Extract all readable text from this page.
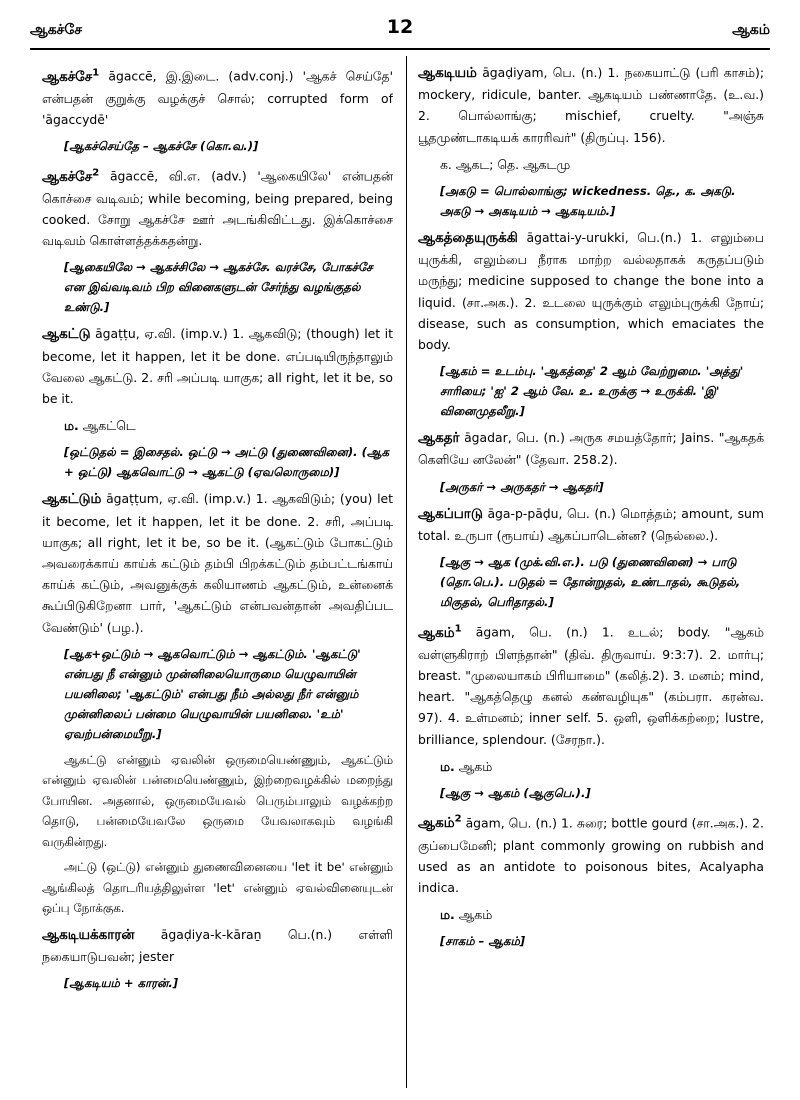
ஆகச்சே	12	ஆகம்

ஆகச்சே$^1$ āgaccē, இ.இடை. (adv.conj.) 'ஆகச் செய்தே' என்பதன் குறுக்கு வழக்குச் சொல்; corrupted form of 'āgaccydē'

[ஆகச்செய்தே – ஆகச்சே (கொ.வ.)]

ஆகச்சே$^2$ āgaccē, வி.எ. (adv.) 'ஆகையிலே' என்பதன் கொச்சை வடிவம்; while becoming, being prepared, being cooked. சோறு ஆகச்சே ஊர் அடங்கிவிட்டது. இக்கொச்சை வடிவம் கொள்ளத்தக்கதன்று.

[ஆகையிலே → ஆகச்சிலே → ஆகச்சே. வரச்சே, போகச்சே என இவ்வடிவம் பிற வினைகளுடன் சேர்ந்து வழங்குதல் உண்டு.]

ஆகட்டு āgaṭṭu, ஏ.வி. (imp.v.) 1. ஆகவிடு; (though) let it become, let it happen, let it be done. எப்படியிருந்தாலும் வேலை ஆகட்டு. 2. சரி அப்படி யாகுக; all right, let it be, so be it.

ம. ஆகட்டெ

[ஒட்டுதல் = இசைதல். ஒட்டு → அட்டு (துணைவினை). (ஆக + ஒட்டு) ஆகவொட்டு → ஆகட்டு (ஏவலொருமை)]

ஆகட்டும் āgaṭṭum, ஏ.வி. (imp.v.) 1. ஆகவிடும்; (you) let it become, let it happen, let it be done. 2. சரி, அப்படி யாகுக; all right, let it be, so be it. (ஆகட்டும் போகட்டும் அவரைக்காய் காய்க் கட்டும் தம்பி பிறக்கட்டும் தம்பட்டங்காய் காய்க் கட்டும், அவனுக்குக் கலியாணம் ஆகட்டும், உன்னைக் கூப்பிடுகிறேனா பார், 'ஆகட்டும் என்பவன்தான் அவதிப்பட வேண்டும்' (பழ.).

[ஆக+ஒட்டும் → ஆகவொட்டும் → ஆகட்டும். 'ஆகட்டு' என்பது நீ என்னும் முன்னிலையொருமை யெழுவாயின் பயனிலை; 'ஆகட்டும்' என்பது நீம் அல்லது நீர் என்னும் முன்னிலைப் பன்மை யெழுவாயின் பயனிலை. 'உம்' ஏவற்பன்மையீறு.]

ஆகட்டு என்னும் ஏவலின் ஒருமையெண்ணும், ஆகட்டும் என்னும் ஏவலின் பன்மையெண்ணும், இற்றைவழக்கில் மறைந்து போயின. அதனால், ஒருமையேவல் பெரும்பாலும் வழக்கற்ற தொடு, பன்மையேவலே ஒருமை யேவலாகவும் வழங்கி வருகின்றது.

அட்டு (ஒட்டு) என்னும் துணைவினையை 'let it be' என்னும் ஆங்கிலத் தொடரியத்திலுள்ள 'let' என்னும் ஏவல்வினையுடன் ஒப்பு நோக்குக.

ஆகடியக்காரன் āgaḍiya-k-kāraṉ பெ.(n.) எள்ளி நகையாடுபவன்; jester

[ஆகடியம் + காரன்.]

ஆகடியம் āgaḍiyam, பெ. (n.) 1. நகையாட்டு (பரி காசம்); mockery, ridicule, banter. ஆகடியம் பண்ணாதே. (உ.வ.) 2. பொல்லாங்கு; mischief, cruelty. "அஞ்சு பூதமுண்டாகடியக் காரரிவர்" (திருப்பு. 156).

க. ஆகட; தெ. ஆகடமு

[அகடு = பொல்லாங்கு; wickedness. தெ., க. அகடு. அகடு → அகடியம் → ஆகடியம்.]

ஆகத்தையுருக்கி āgattai-y-urukki, பெ.(n.) 1. எலும்பை யுருக்கி, எலும்பை நீராக மாற்ற வல்லதாகக் கருதப்படும் மருந்து; medicine supposed to change the bone into a liquid. (சா.அக.). 2. உடலை யுருக்கும் எலும்புருக்கி நோய்; disease, such as consumption, which emaciates the body.

[ஆகம் = உடம்பு. 'ஆகத்தை' 2 ஆம் வேற்றுமை. 'அத்து' சாரியை; 'ஐ' 2 ஆம் வே. உ. உருக்கு → உருக்கி. 'இ' வினைமுதலீறு.]

ஆகதர் āgadar, பெ. (n.) அருக சமயத்தோர்; Jains. "ஆகதக் கெளியே னலேன்" (தேவா. 258.2).

[அருகர் → அருகதர் → ஆகதர்]

ஆகப்பாடு āga-p-pāḍu, பெ. (n.) மொத்தம்; amount, sum total. உருபா (ரூபாய்) ஆகப்பாடென்ன? (நெல்லை.).

[ஆகு → ஆக (முக்.வி.எ.). படு (துணைவினை) → பாடு (தொ.பெ.). படுதல் = தோன்றுதல், உண்டாதல், கூடுதல், மிகுதல், பெரிதாதல்.]

ஆகம்$^1$ āgam, பெ. (n.) 1. உடல்; body. "ஆகம் வள்ளுகிராற் பிளந்தான்" (திவ். திருவாய். 9:3:7). 2. மார்பு; breast. "முலையாகம் பிரியாமை" (கலித்.2). 3. மனம்; mind, heart. "ஆகத்தெழு கனல் கண்வழியுக" (கம்பரா. கரன்வ. 97). 4. உள்மனம்; inner self. 5. ஒளி, ஒளிக்கற்றை; lustre, brilliance, splendour. (சேரநா.).

ம. ஆகம்

[ஆகு → ஆகம் (ஆகுபெ.).]

ஆகம்$^2$ āgam, பெ. (n.) 1. சுரை; bottle gourd (சா.அக.). 2. குப்பைமேனி; plant commonly growing on rubbish and used as an antidote to poisonous bites, Acalyapha indica.

ம. ஆகம்

[சாகம் – ஆகம்]
